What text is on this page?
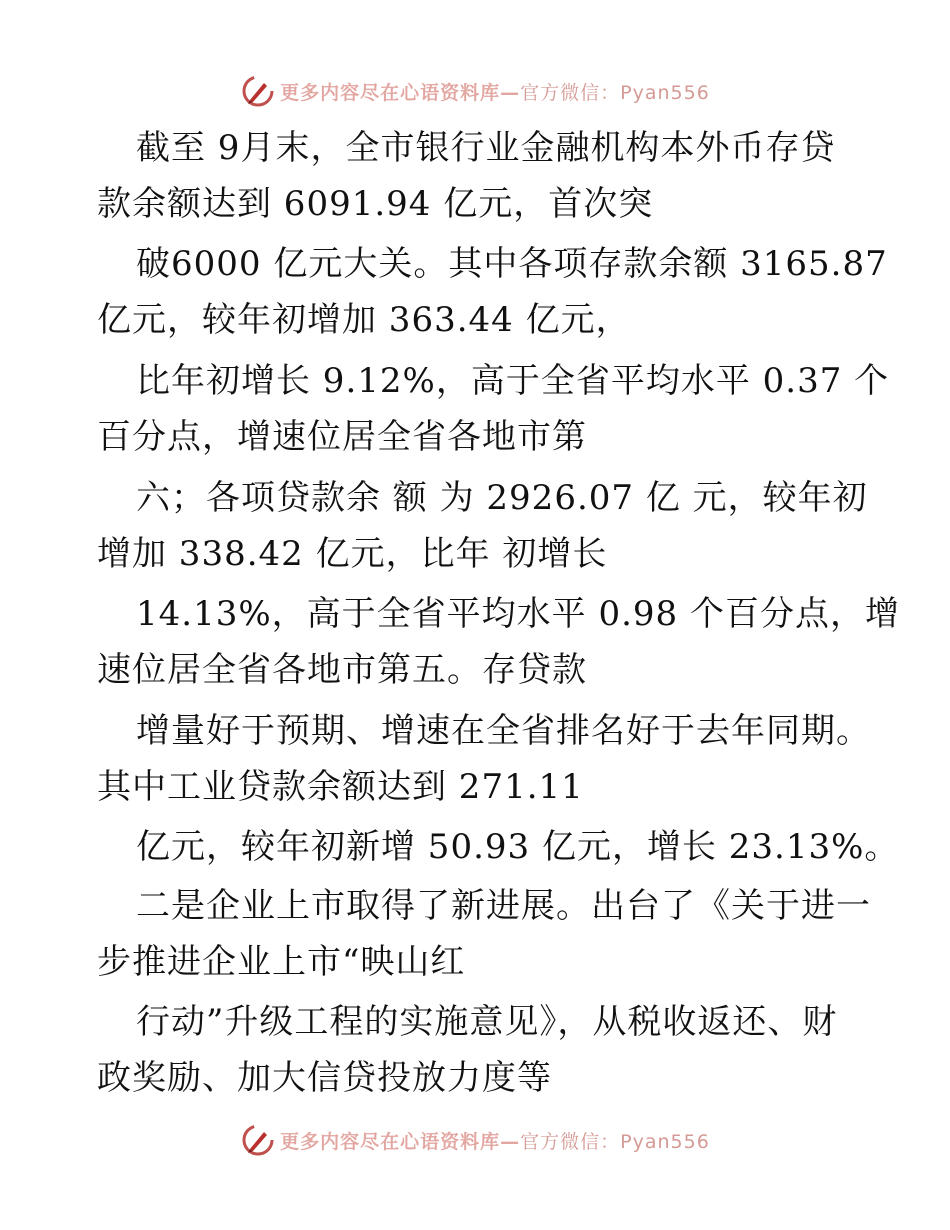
更多内容尽在心语资料库—官方微信：Pyan556
截至 9月末，全市银行业金融机构本外币存贷
款余额达到 6091.94 亿元，首次突
破6000 亿元大关。其中各项存款余额 3165.87
亿元，较年初增加 363.44 亿元，
比年初增长 9.12%，高于全省平均水平 0.37 个
百分点，增速位居全省各地市第
六；各项贷款余 额 为 2926.07 亿 元，较年初
增加 338.42 亿元，比年 初增长
14.13%，高于全省平均水平 0.98 个百分点，增
速位居全省各地市第五。存贷款
增量好于预期、增速在全省排名好于去年同期。
其中工业贷款余额达到 271.11
亿元，较年初新增 50.93 亿元，增长 23.13%。
二是企业上市取得了新进展。出台了《关于进一
步推进企业上市“映山红
行动”升级工程的实施意见》，从税收返还、财
政奖励、加大信贷投放力度等
更多内容尽在心语资料库—官方微信：Pyan556
